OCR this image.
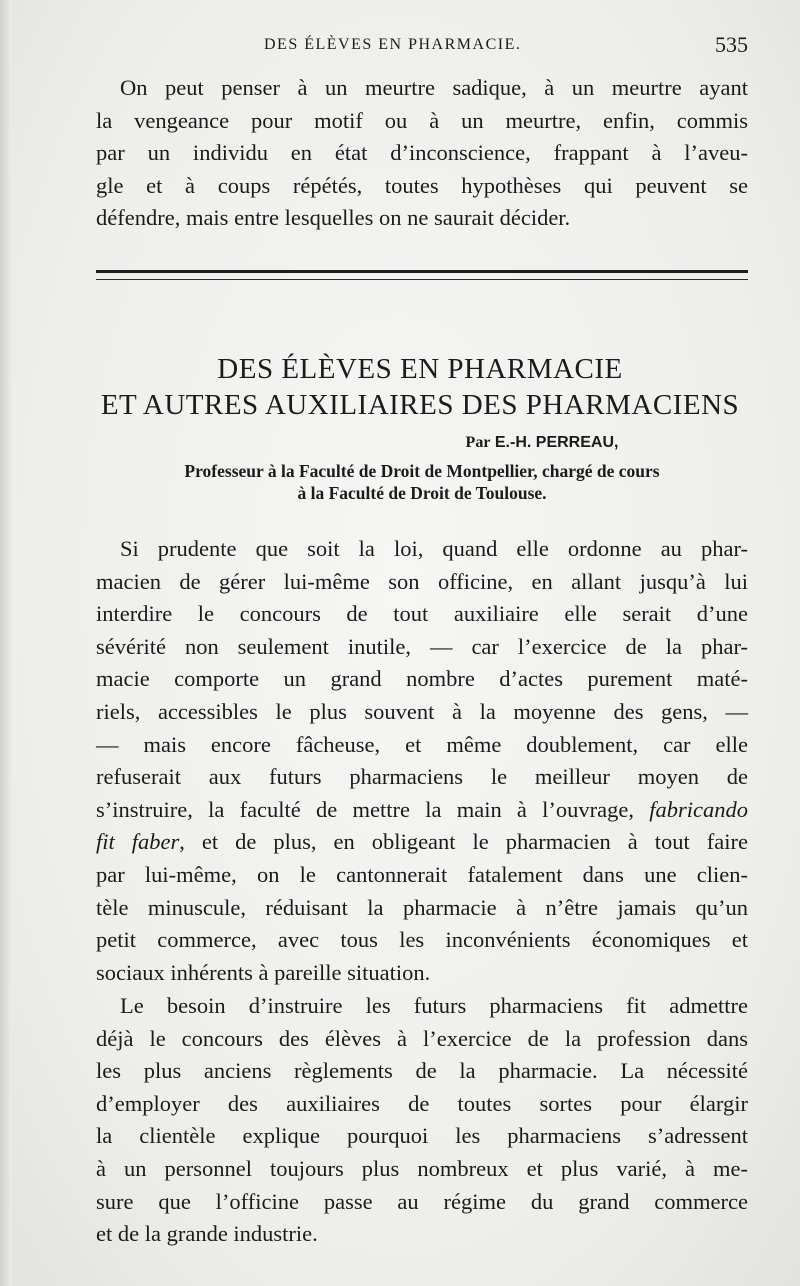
DES ÉLÈVES EN PHARMACIE.	535
On peut penser à un meurtre sadique, à un meurtre ayant
la vengeance pour motif ou à un meurtre, enfin, commis
par un individu en état d’inconscience, frappant à l’aveu-
gle et à coups répétés, toutes hypothèses qui peuvent se
défendre, mais entre lesquelles on ne saurait décider.
DES ÉLÈVES EN PHARMACIE
ET AUTRES AUXILIAIRES DES PHARMACIENS
Par E.-H. PERREAU,
Professeur à la Faculté de Droit de Montpellier, chargé de cours
à la Faculté de Droit de Toulouse.
Si prudente que soit la loi, quand elle ordonne au phar-
macien de gérer lui-même son officine, en allant jusqu’à lui
interdire le concours de tout auxiliaire elle serait d’une
sévérité non seulement inutile, — car l’exercice de la phar-
macie comporte un grand nombre d’actes purement maté-
riels, accessibles le plus souvent à la moyenne des gens, —
— mais encore fâcheuse, et même doublement, car elle
refuserait aux futurs pharmaciens le meilleur moyen de
s’instruire, la faculté de mettre la main à l’ouvrage, fabricando
fit faber, et de plus, en obligeant le pharmacien à tout faire
par lui-même, on le cantonnerait fatalement dans une clien-
tèle minuscule, réduisant la pharmacie à n’être jamais qu’un
petit commerce, avec tous les inconvénients économiques et
sociaux inhérents à pareille situation.
Le besoin d’instruire les futurs pharmaciens fit admettre
déjà le concours des élèves à l’exercice de la profession dans
les plus anciens règlements de la pharmacie. La nécessité
d’employer des auxiliaires de toutes sortes pour élargir
la clientèle explique pourquoi les pharmaciens s’adressent
à un personnel toujours plus nombreux et plus varié, à me-
sure que l’officine passe au régime du grand commerce
et de la grande industrie.
